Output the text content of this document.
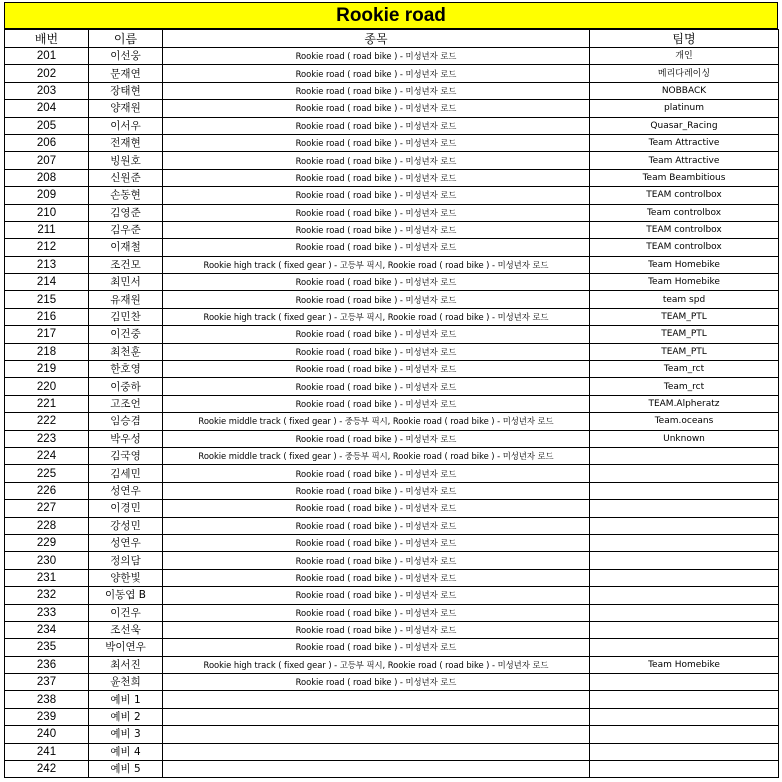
Rookie road
배번	이름	종목	팀명
201	이선웅	Rookie road ( road bike ) - 미성년자 로드	개인
202	문재연	Rookie road ( road bike ) - 미성년자 로드	메리다레이싱
203	장태현	Rookie road ( road bike ) - 미성년자 로드	NOBBACK
204	양재원	Rookie road ( road bike ) - 미성년자 로드	platinum
205	이서우	Rookie road ( road bike ) - 미성년자 로드	Quasar_Racing
206	전재현	Rookie road ( road bike ) - 미성년자 로드	Team Attractive
207	빙원호	Rookie road ( road bike ) - 미성년자 로드	Team Attractive
208	신원준	Rookie road ( road bike ) - 미성년자 로드	Team Beambitious
209	손동현	Rookie road ( road bike ) - 미성년자 로드	TEAM controlbox
210	김영준	Rookie road ( road bike ) - 미성년자 로드	Team controlbox
211	김우준	Rookie road ( road bike ) - 미성년자 로드	TEAM controlbox
212	이재철	Rookie road ( road bike ) - 미성년자 로드	TEAM controlbox
213	조건모	Rookie high track ( fixed gear ) - 고등부 픽시, Rookie road ( road bike ) - 미성년자 로드	Team Homebike
214	최민서	Rookie road ( road bike ) - 미성년자 로드	Team Homebike
215	유재원	Rookie road ( road bike ) - 미성년자 로드	team spd
216	김민찬	Rookie high track ( fixed gear ) - 고등부 픽시, Rookie road ( road bike ) - 미성년자 로드	TEAM_PTL
217	이건중	Rookie road ( road bike ) - 미성년자 로드	TEAM_PTL
218	최천훈	Rookie road ( road bike ) - 미성년자 로드	TEAM_PTL
219	한호영	Rookie road ( road bike ) - 미성년자 로드	Team_rct
220	이중하	Rookie road ( road bike ) - 미성년자 로드	Team_rct
221	고조언	Rookie road ( road bike ) - 미성년자 로드	TEAM.Alpheratz
222	임승겸	Rookie middle track ( fixed gear ) - 중등부 픽시, Rookie road ( road bike ) - 미성년자 로드	Team.oceans
223	박우성	Rookie road ( road bike ) - 미성년자 로드	Unknown
224	김국영	Rookie middle track ( fixed gear ) - 중등부 픽시, Rookie road ( road bike ) - 미성년자 로드	
225	김세민	Rookie road ( road bike ) - 미성년자 로드	
226	성연우	Rookie road ( road bike ) - 미성년자 로드	
227	이경민	Rookie road ( road bike ) - 미성년자 로드	
228	강성민	Rookie road ( road bike ) - 미성년자 로드	
229	성연우	Rookie road ( road bike ) - 미성년자 로드	
230	정의담	Rookie road ( road bike ) - 미성년자 로드	
231	양한빛	Rookie road ( road bike ) - 미성년자 로드	
232	이동엽 B	Rookie road ( road bike ) - 미성년자 로드	
233	이건우	Rookie road ( road bike ) - 미성년자 로드	
234	조선욱	Rookie road ( road bike ) - 미성년자 로드	
235	박이연우	Rookie road ( road bike ) - 미성년자 로드	
236	최서진	Rookie high track ( fixed gear ) - 고등부 픽시, Rookie road ( road bike ) - 미성년자 로드	Team Homebike
237	윤천희	Rookie road ( road bike ) - 미성년자 로드	
238	예비 1		
239	예비 2		
240	예비 3		
241	예비 4		
242	예비 5		
